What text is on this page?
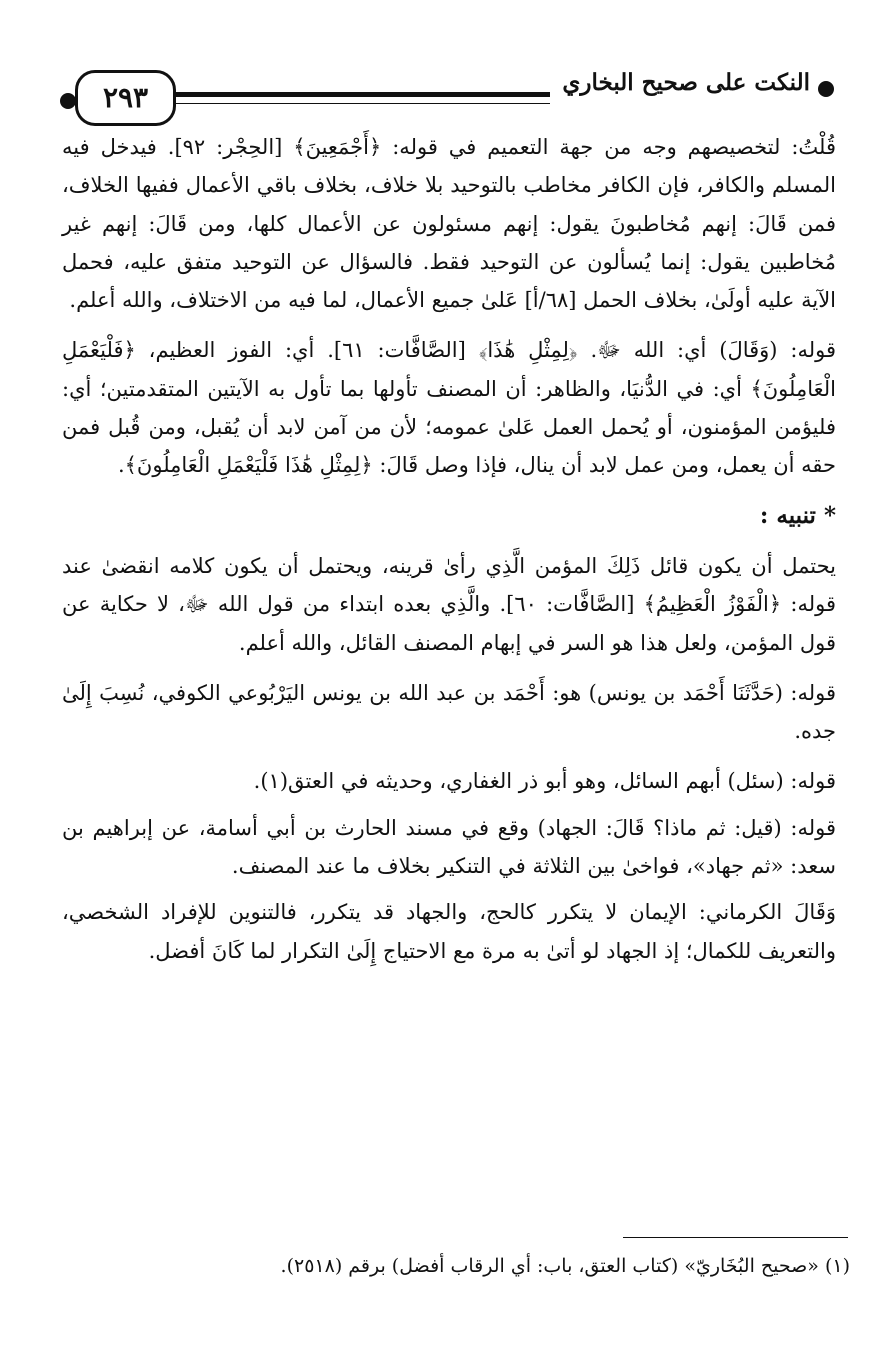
النكت على صحيح البخاري
٢٩٣

قُلْتُ: لتخصيصهم وجه من جهة التعميم في قوله: ﴿أَجْمَعِينَ﴾ [الحِجْر: ٩٢]. فيدخل فيه المسلم والكافر، فإن الكافر مخاطب بالتوحيد بلا خلاف، بخلاف باقي الأعمال ففيها الخلاف، فمن قَالَ: إنهم مُخاطبونَ يقول: إنهم مسئولون عن الأعمال كلها، ومن قَالَ: إنهم غير مُخاطبين يقول: إنما يُسألون عن التوحيد فقط. فالسؤال عن التوحيد متفق عليه، فحمل الآية عليه أولَىٰ، بخلاف الحمل [٦٨/أ] عَلىٰ جميع الأعمال، لما فيه من الاختلاف، والله أعلم.

قوله: (وَقَالَ) أي: الله ﷻ. ﴿لِمِثْلِ هَٰذَا﴾ [الصَّافَّات: ٦١]. أي: الفوز العظيم، ﴿فَلْيَعْمَلِ الْعَامِلُونَ﴾ أي: في الدُّنيَا، والظاهر: أن المصنف تأولها بما تأول به الآيتين المتقدمتين؛ أي: فليؤمن المؤمنون، أو يُحمل العمل عَلىٰ عمومه؛ لأن من آمن لابد أن يُقبل، ومن قُبل فمن حقه أن يعمل، ومن عمل لابد أن ينال، فإذا وصل قَالَ: ﴿لِمِثْلِ هَٰذَا فَلْيَعْمَلِ الْعَامِلُونَ﴾.

* تنبيه :

يحتمل أن يكون قائل ذَلِكَ المؤمن الَّذِي رأىٰ قرينه، ويحتمل أن يكون كلامه انقضىٰ عند قوله: ﴿الْفَوْزُ الْعَظِيمُ﴾ [الصَّافَّات: ٦٠]. والَّذِي بعده ابتداء من قول الله ﷻ، لا حكاية عن قول المؤمن، ولعل هذا هو السر في إبهام المصنف القائل، والله أعلم.

قوله: (حَدَّثَنَا أَحْمَد بن يونس) هو: أَحْمَد بن عبد الله بن يونس اليَرْبُوعي الكوفي، نُسِبَ إِلَىٰ جده.

قوله: (سئل) أبهم السائل، وهو أبو ذر الغفاري، وحديثه في العتق(١).

قوله: (قيل: ثم ماذا؟ قَالَ: الجهاد) وقع في مسند الحارث بن أبي أسامة، عن إبراهيم بن سعد: «ثم جهاد»، فواخىٰ بين الثلاثة في التنكير بخلاف ما عند المصنف.

وَقَالَ الكرماني: الإيمان لا يتكرر كالحج، والجهاد قد يتكرر، فالتنوين للإفراد الشخصي، والتعريف للكمال؛ إذ الجهاد لو أتىٰ به مرة مع الاحتياج إِلَىٰ التكرار لما كَانَ أفضل.

(١) «صحيح البُخَاريّ» (كتاب العتق، باب: أي الرقاب أفضل) برقم (٢٥١٨).
